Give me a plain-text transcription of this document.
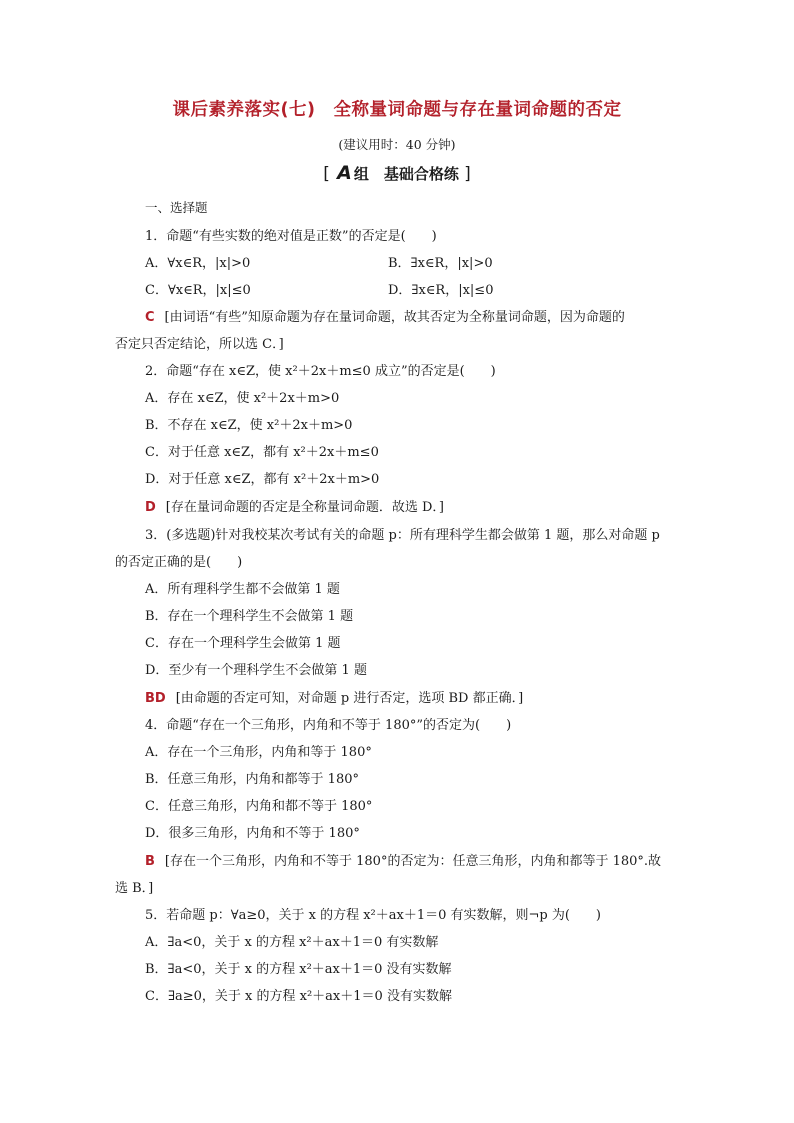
课后素养落实(七)　全称量词命题与存在量词命题的否定
(建议用时：40 分钟)
[ A 组　基础合格练 ]
一、选择题
1．命题“有些实数的绝对值是正数”的否定是(　　)
A．∀x∈R，|x|>0	B．∃x∈R，|x|>0
C．∀x∈R，|x|≤0	D．∃x∈R，|x|≤0
C [由词语“有些”知原命题为存在量词命题，故其否定为全称量词命题，因为命题的
否定只否定结论，所以选 C．]
2．命题“存在 x∈Z，使 x²＋2x＋m≤0 成立”的否定是(　　)
A．存在 x∈Z，使 x²＋2x＋m>0
B．不存在 x∈Z，使 x²＋2x＋m>0
C．对于任意 x∈Z，都有 x²＋2x＋m≤0
D．对于任意 x∈Z，都有 x²＋2x＋m>0
D [存在量词命题的否定是全称量词命题．故选 D．]
3．(多选题)针对我校某次考试有关的命题 p：所有理科学生都会做第 1 题，那么对命题 p
的否定正确的是(　　)
A．所有理科学生都不会做第 1 题
B．存在一个理科学生不会做第 1 题
C．存在一个理科学生会做第 1 题
D．至少有一个理科学生不会做第 1 题
BD [由命题的否定可知，对命题 p 进行否定，选项 BD 都正确．]
4．命题“存在一个三角形，内角和不等于 180°”的否定为(　　)
A．存在一个三角形，内角和等于 180°
B．任意三角形，内角和都等于 180°
C．任意三角形，内角和都不等于 180°
D．很多三角形，内角和不等于 180°
B [存在一个三角形，内角和不等于 180°的否定为：任意三角形，内角和都等于 180°.故
选 B．]
5．若命题 p：∀a≥0，关于 x 的方程 x²＋ax＋1＝0 有实数解，则¬p 为(　　)
A．∃a<0，关于 x 的方程 x²＋ax＋1＝0 有实数解
B．∃a<0，关于 x 的方程 x²＋ax＋1＝0 没有实数解
C．∃a≥0，关于 x 的方程 x²＋ax＋1＝0 没有实数解
